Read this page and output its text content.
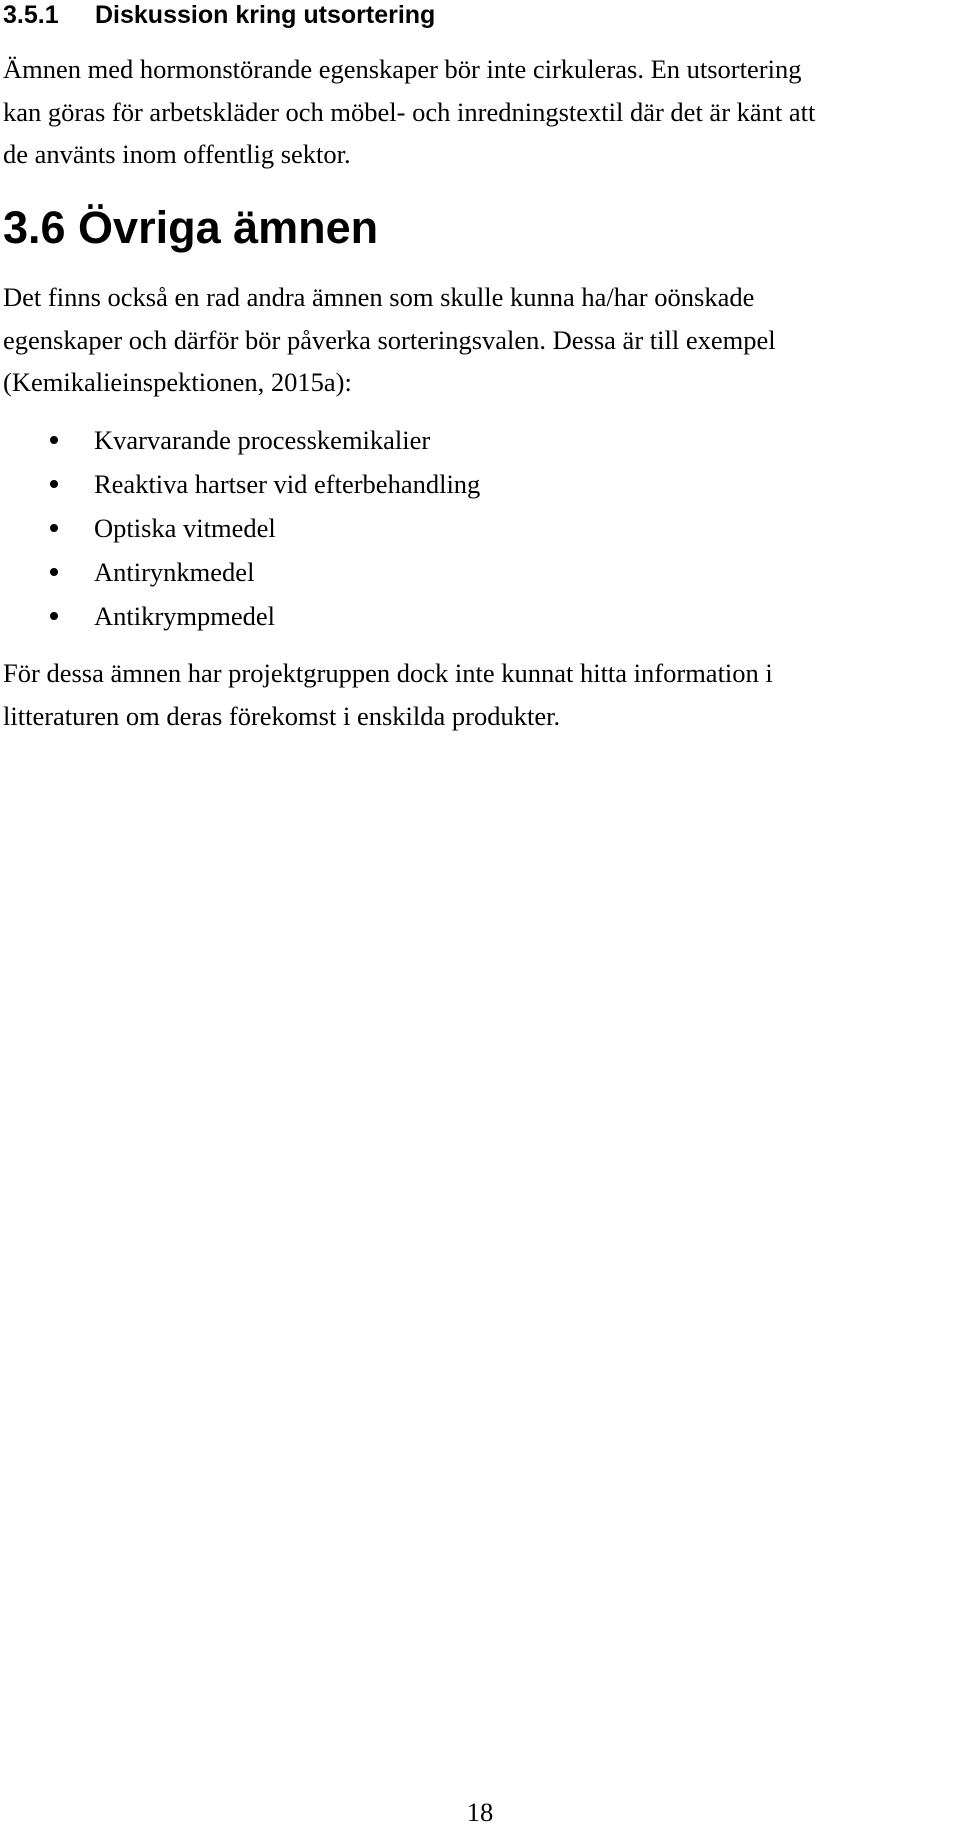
3.5.1 Diskussion kring utsortering

Ämnen med hormonstörande egenskaper bör inte cirkuleras. En utsortering
kan göras för arbetskläder och möbel- och inredningstextil där det är känt att
de använts inom offentlig sektor.

3.6 Övriga ämnen

Det finns också en rad andra ämnen som skulle kunna ha/har oönskade
egenskaper och därför bör påverka sorteringsvalen. Dessa är till exempel
(Kemikalieinspektionen, 2015a):

Kvarvarande processkemikalier
Reaktiva hartser vid efterbehandling
Optiska vitmedel
Antirynkmedel
Antikrympmedel

För dessa ämnen har projektgruppen dock inte kunnat hitta information i
litteraturen om deras förekomst i enskilda produkter.

18
